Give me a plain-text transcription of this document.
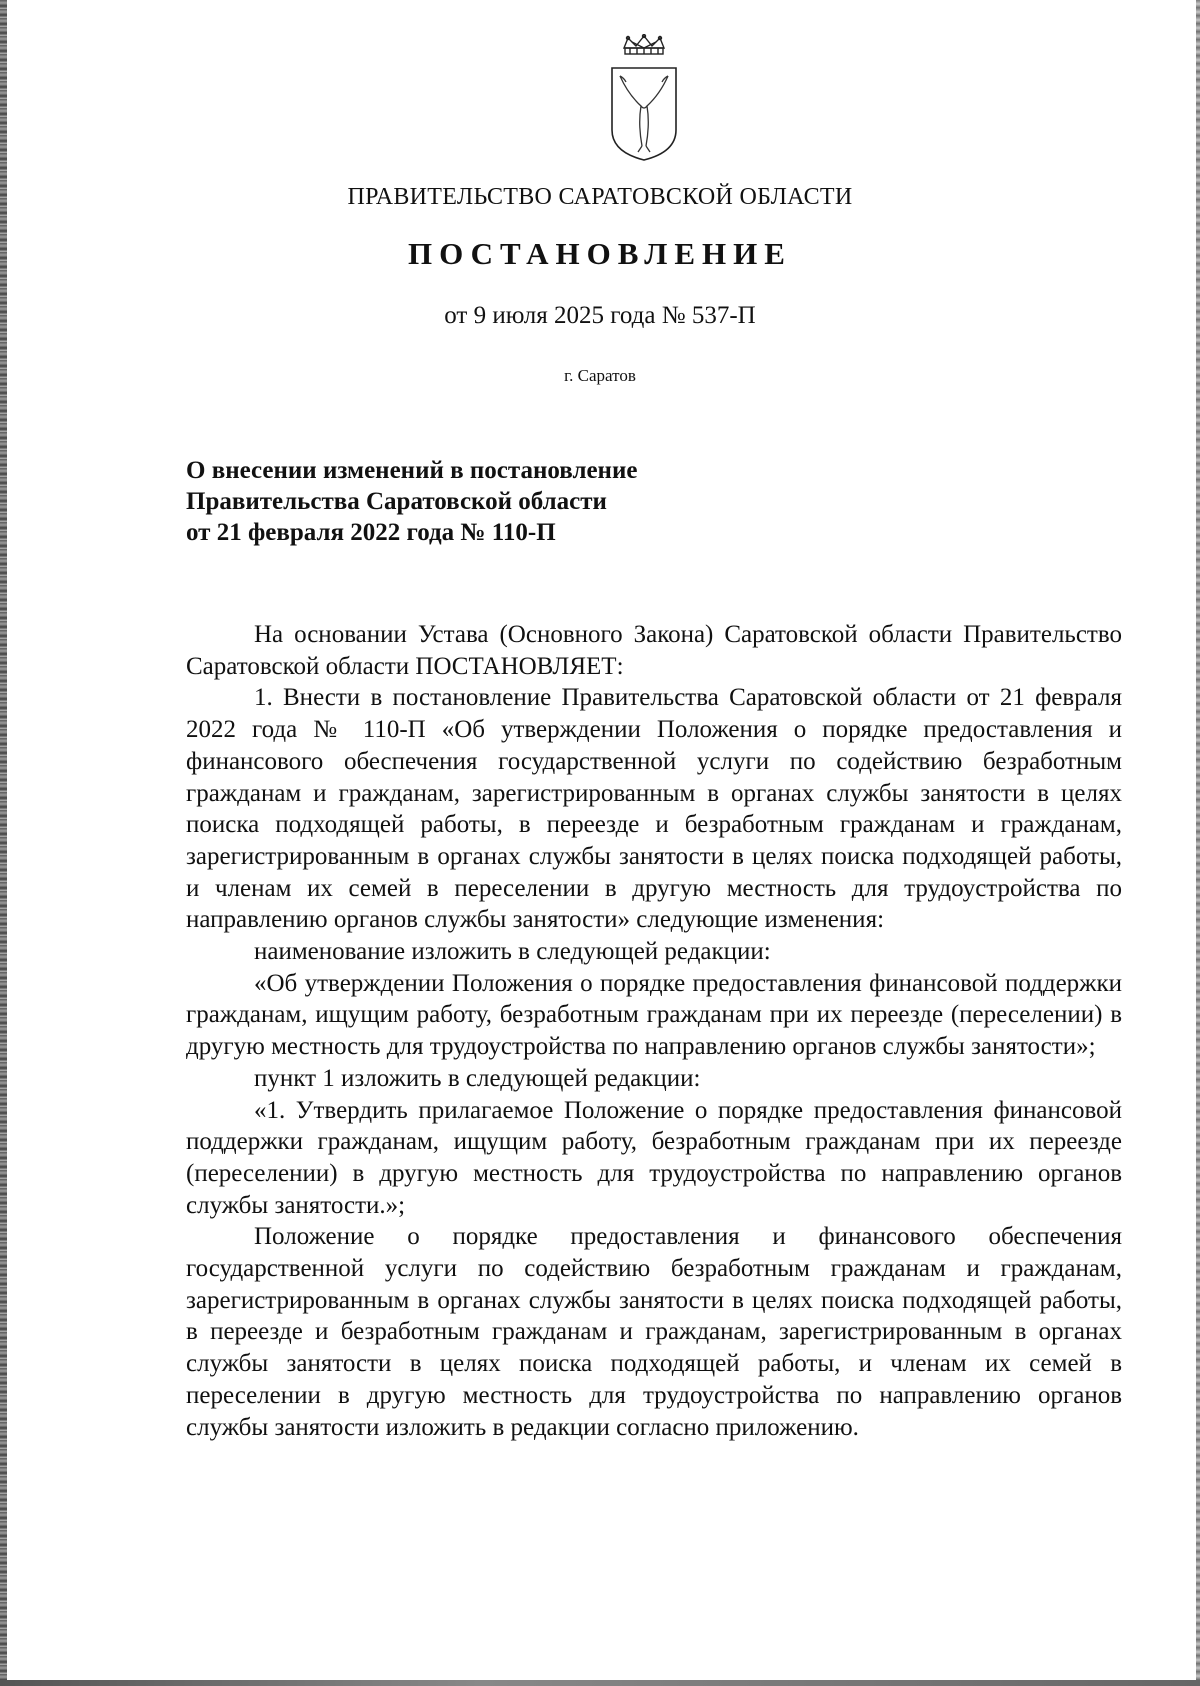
ПРАВИТЕЛЬСТВО САРАТОВСКОЙ ОБЛАСТИ
ПОСТАНОВЛЕНИЕ
от 9 июля 2025 года № 537-П
г. Саратов
О внесении изменений в постановление
Правительства Саратовской области
от 21 февраля 2022 года № 110-П

На основании Устава (Основного Закона) Саратовской области Правительство Саратовской области ПОСТАНОВЛЯЕТ:

1. Внести в постановление Правительства Саратовской области от 21 февраля 2022 года № 110-П «Об утверждении Положения о порядке предоставления и финансового обеспечения государственной услуги по содействию безработным гражданам и гражданам, зарегистрированным в органах службы занятости в целях поиска подходящей работы, в переезде и безработным гражданам и гражданам, зарегистрированным в органах службы занятости в целях поиска подходящей работы, и членам их семей в переселении в другую местность для трудоустройства по направлению органов службы занятости» следующие изменения:

наименование изложить в следующей редакции:

«Об утверждении Положения о порядке предоставления финансовой поддержки гражданам, ищущим работу, безработным гражданам при их переезде (переселении) в другую местность для трудоустройства по направлению органов службы занятости»;

пункт 1 изложить в следующей редакции:

«1. Утвердить прилагаемое Положение о порядке предоставления финансовой поддержки гражданам, ищущим работу, безработным гражданам при их переезде (переселении) в другую местность для трудоустройства по направлению органов службы занятости.»;

Положение о порядке предоставления и финансового обеспечения государственной услуги по содействию безработным гражданам и гражданам, зарегистрированным в органах службы занятости в целях поиска подходящей работы, в переезде и безработным гражданам и гражданам, зарегистрированным в органах службы занятости в целях поиска подходящей работы, и членам их семей в переселении в другую местность для трудоустройства по направлению органов службы занятости изложить в редакции согласно приложению.
